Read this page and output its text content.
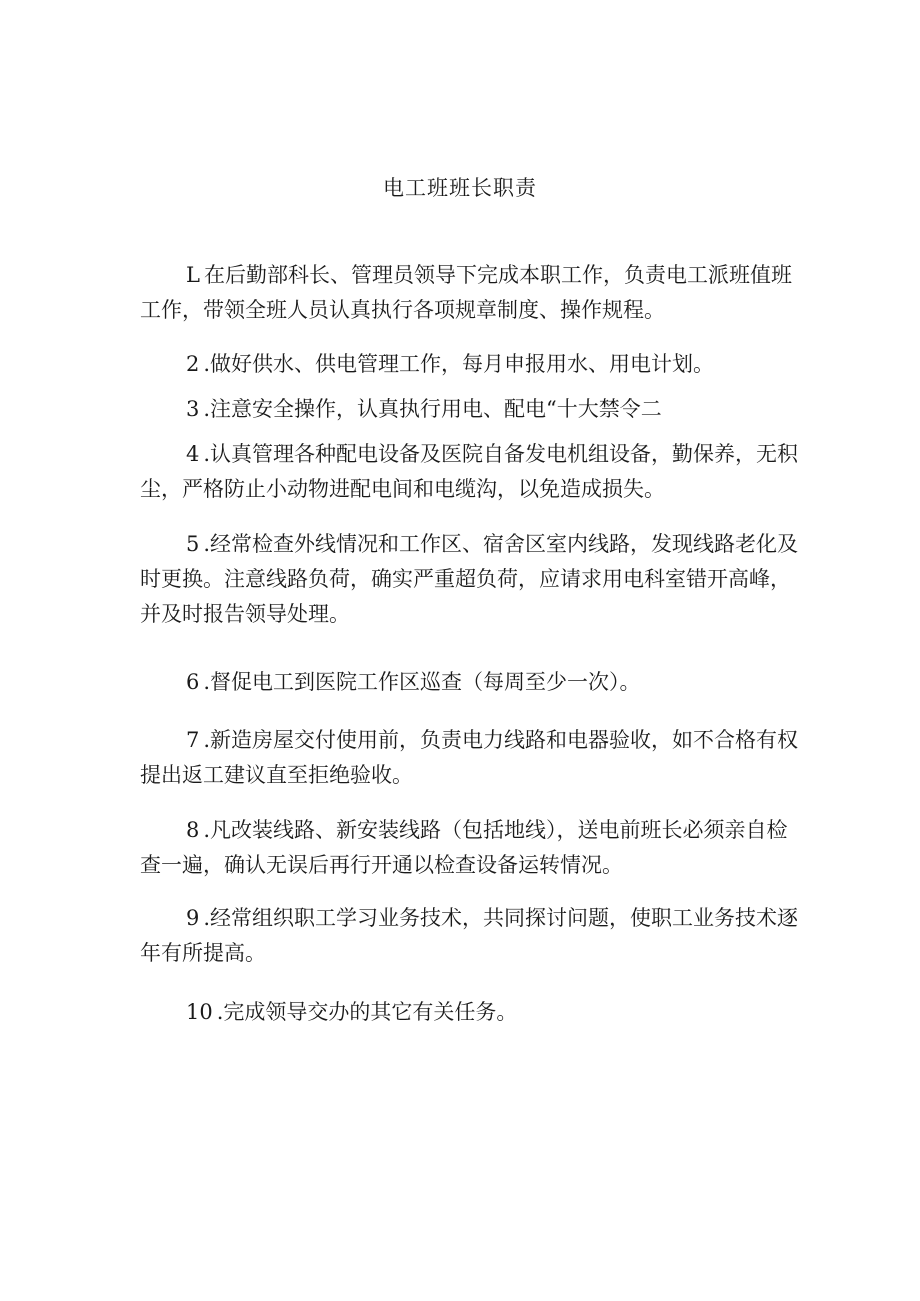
电工班班长职责

L 在后勤部科长、管理员领导下完成本职工作，负责电工派班值班工作，带领全班人员认真执行各项规章制度、操作规程。

2 .做好供水、供电管理工作，每月申报用水、用电计划。

3 .注意安全操作，认真执行用电、配电“十大禁令二

4 .认真管理各种配电设备及医院自备发电机组设备，勤保养，无积尘，严格防止小动物进配电间和电缆沟，以免造成损失。

5 .经常检查外线情况和工作区、宿舍区室内线路，发现线路老化及时更换。注意线路负荷，确实严重超负荷，应请求用电科室错开高峰，并及时报告领导处理。

6 .督促电工到医院工作区巡查（每周至少一次）。

7 .新造房屋交付使用前，负责电力线路和电器验收，如不合格有权提出返工建议直至拒绝验收。

8 .凡改装线路、新安装线路（包括地线），送电前班长必须亲自检查一遍，确认无误后再行开通以检查设备运转情况。

9 .经常组织职工学习业务技术，共同探讨问题，使职工业务技术逐年有所提高。

10 .完成领导交办的其它有关任务。
